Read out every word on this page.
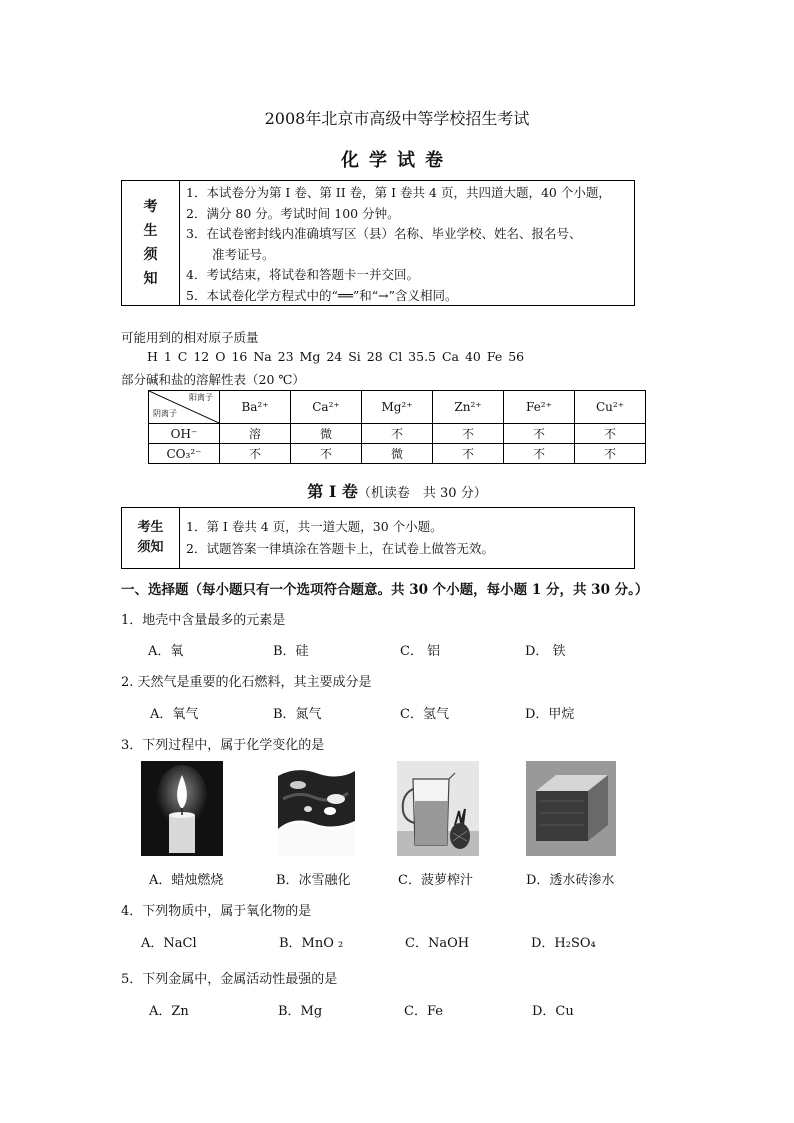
2008年北京市高级中等学校招生考试
化学试卷
考
生
须
知
1．本试卷分为第 I 卷、第 II 卷，第 I 卷共 4 页，共四道大题，40 个小题，
2．满分 80 分。考试时间 100 分钟。
3．在试卷密封线内准确填写区（县）名称、毕业学校、姓名、报名号、
准考证号。
4．考试结束，将试卷和答题卡一并交回。
5．本试卷化学方程式中的“══”和“→”含义相同。
可能用到的相对原子质量
H 1 C 12 O 16 Na 23 Mg 24 Si 28 Cl 35.5 Ca 40 Fe 56
部分碱和盐的溶解性表（20 ℃）
阳离子
阴离子	Ba²⁺	Ca²⁺	Mg²⁺	Zn²⁺	Fe²⁺	Cu²⁺
OH⁻	溶	微	不	不	不	不
CO₃²⁻	不	不	微	不	不	不
第 I 卷（机读卷　共 30 分）
考生
须知
1．第 I 卷共 4 页，共一道大题，30 个小题。
2．试题答案一律填涂在答题卡上，在试卷上做答无效。
一、选择题（每小题只有一个选项符合题意。共 30 个小题，每小题 1 分，共 30 分。）
1．地壳中含量最多的元素是
A．氧	B．硅	C． 铝	D． 铁
2. 天然气是重要的化石燃料，其主要成分是
A．氧气	B．氮气	C．氢气	D．甲烷
3．下列过程中，属于化学变化的是
A．蜡烛燃烧	B．冰雪融化	C．菠萝榨汁	D．透水砖渗水
4．下列物质中，属于氧化物的是
A．NaCl	B．MnO ₂	C．NaOH	D．H₂SO₄
5．下列金属中，金属活动性最强的是
A．Zn	B．Mg	C．Fe	D．Cu
